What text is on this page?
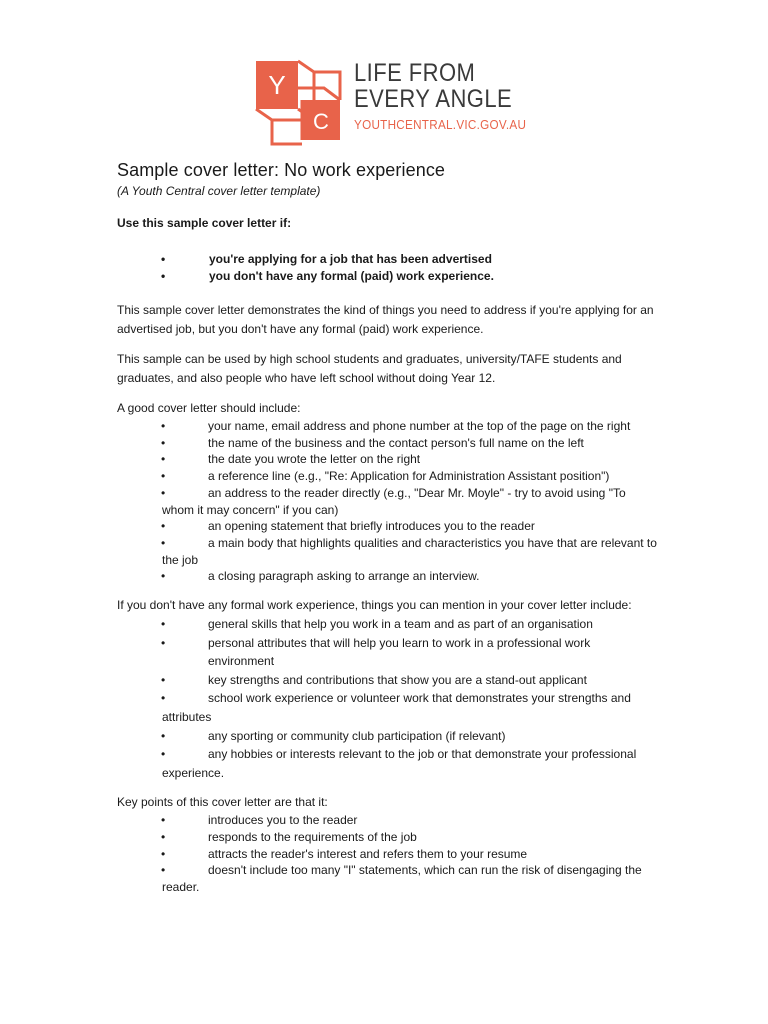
Y
C
LIFE FROM
EVERY ANGLE
YOUTHCENTRAL.VIC.GOV.AU
Sample cover letter: No work experience

(A Youth Central cover letter template)

Use this sample cover letter if:

• you're applying for a job that has been advertised
• you don't have any formal (paid) work experience.

This sample cover letter demonstrates the kind of things you need to address if you're applying for an advertised job, but you don't have any formal (paid) work experience.

This sample can be used by high school students and graduates, university/TAFE students and graduates, and also people who have left school without doing Year 12.

A good cover letter should include:

• your name, email address and phone number at the top of the page on the right
• the name of the business and the contact person's full name on the left
• the date you wrote the letter on the right
• a reference line (e.g., "Re: Application for Administration Assistant position")
• an address to the reader directly (e.g., "Dear Mr. Moyle" - try to avoid using "To whom it may concern" if you can)
• an opening statement that briefly introduces you to the reader
• a main body that highlights qualities and characteristics you have that are relevant to the job
• a closing paragraph asking to arrange an interview.

If you don't have any formal work experience, things you can mention in your cover letter include:

• general skills that help you work in a team and as part of an organisation
• personal attributes that will help you learn to work in a professional work environment
• key strengths and contributions that show you are a stand-out applicant
• school work experience or volunteer work that demonstrates your strengths and attributes
• any sporting or community club participation (if relevant)
• any hobbies or interests relevant to the job or that demonstrate your professional experience.

Key points of this cover letter are that it:

• introduces you to the reader
• responds to the requirements of the job
• attracts the reader's interest and refers them to your resume
• doesn't include too many "I" statements, which can run the risk of disengaging the reader.
